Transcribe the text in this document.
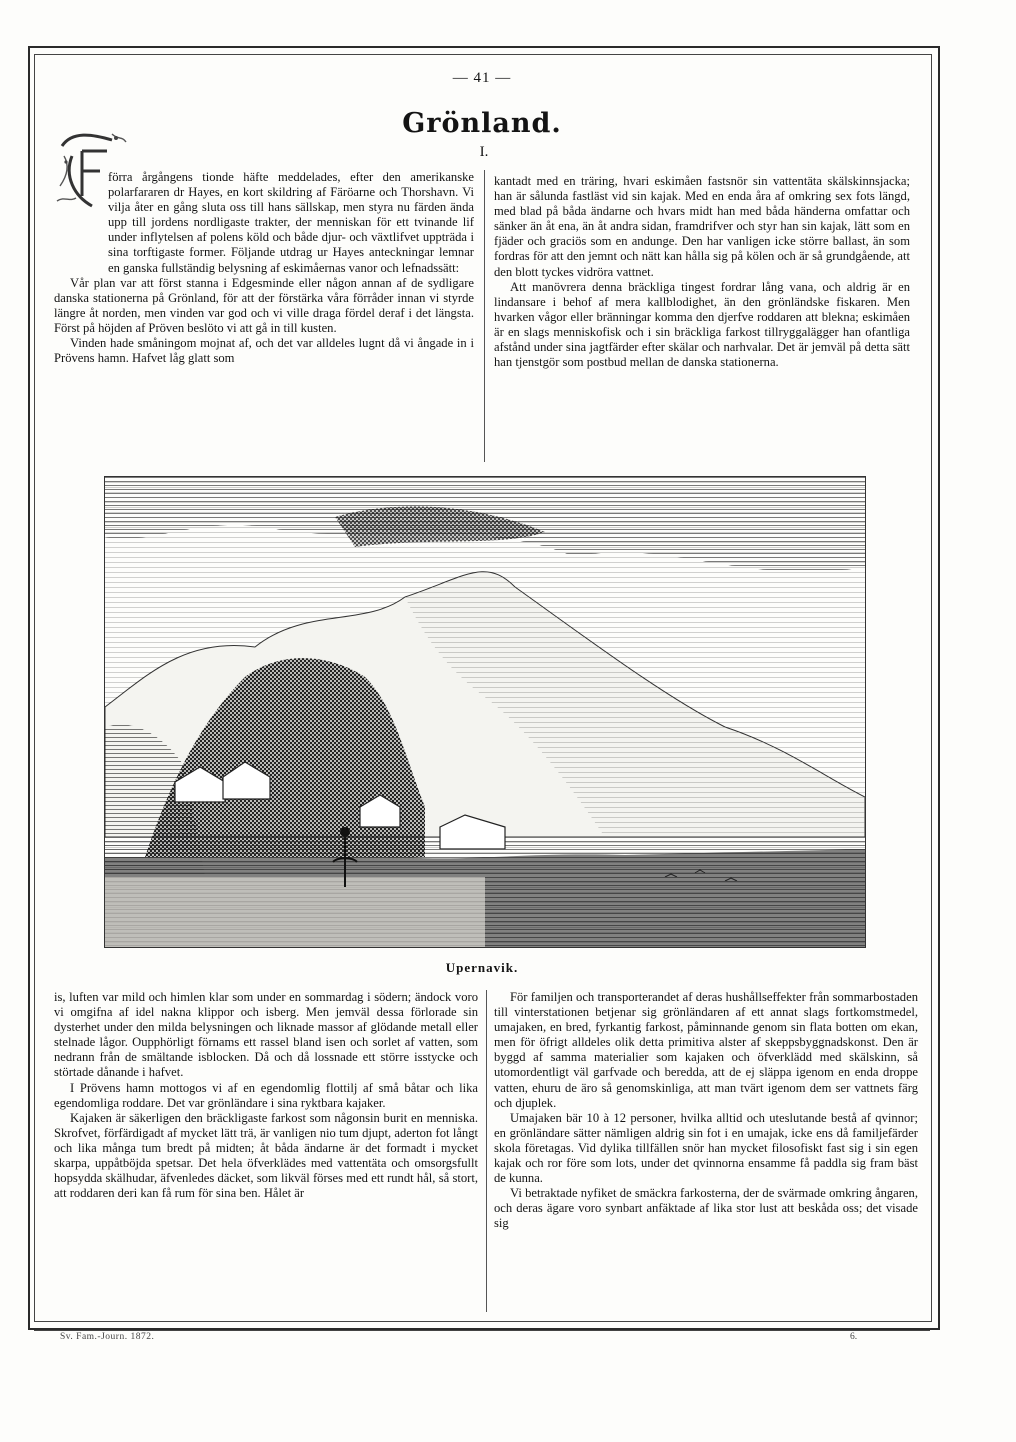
— 41 —
Grönland.
I.

förra årgångens tionde häfte meddelades, efter den amerikanske polarfararen dr Hayes, en kort skildring af Färöarne och Thorshavn. Vi vilja åter en gång sluta oss till hans sällskap, men styra nu färden ända upp till jordens nordligaste trakter, der menniskan för ett tvinande lif under inflytelsen af polens köld och både djur- och växtlifvet uppträda i sina torftigaste former. Följande utdrag ur Hayes anteckningar lemnar en ganska fullständig belysning af eskimåernas vanor och lefnadssätt:

Vår plan var att först stanna i Edgesminde eller någon annan af de sydligare danska stationerna på Grönland, för att der förstärka våra förråder innan vi styrde längre åt norden, men vinden var god och vi ville draga fördel deraf i det längsta. Först på höjden af Pröven beslöto vi att gå in till kusten.

Vinden hade småningom mojnat af, och det var alldeles lugnt då vi ångade in i Prövens hamn. Hafvet låg glatt som

kantadt med en träring, hvari eskimåen fastsnör sin vattentäta skälskinnsjacka; han är sålunda fastläst vid sin kajak. Med en enda åra af omkring sex fots längd, med blad på båda ändarne och hvars midt han med båda händerna omfattar och sänker än åt ena, än åt andra sidan, framdrifver och styr han sin kajak, lätt som en fjäder och graciös som en andunge. Den har vanligen icke större ballast, än som fordras för att den jemnt och nätt kan hålla sig på kölen och är så grundgående, att den blott tyckes vidröra vattnet.

Att manövrera denna bräckliga tingest fordrar lång vana, och aldrig är en lindansare i behof af mera kallblodighet, än den grönländske fiskaren. Men hvarken vågor eller bränningar komma den djerfve roddaren att blekna; eskimåen är en slags menniskofisk och i sin bräckliga farkost tillryggalägger han ofantliga afstånd under sina jagtfärder efter skälar och narhvalar. Det är jemväl på detta sätt han tjenstgör som postbud mellan de danska stationerna.

Upernavik.

is, luften var mild och himlen klar som under en sommardag i södern; ändock voro vi omgifna af idel nakna klippor och isberg. Men jemväl dessa förlorade sin dysterhet under den milda belysningen och liknade massor af glödande metall eller stelnade lågor. Oupphörligt förnams ett rassel bland isen och sorlet af vatten, som nedrann från de smältande isblocken. Då och då lossnade ett större isstycke och störtade dånande i hafvet.

I Prövens hamn mottogos vi af en egendomlig flottilj af små båtar och lika egendomliga roddare. Det var grönländare i sina ryktbara kajaker.

Kajaken är säkerligen den bräckligaste farkost som någonsin burit en menniska. Skrofvet, förfärdigadt af mycket lätt trä, är vanligen nio tum djupt, aderton fot långt och lika många tum bredt på midten; åt båda ändarne är det formadt i mycket skarpa, uppåtböjda spetsar. Det hela öfverklädes med vattentäta och omsorgsfullt hopsydda skälhudar, äfvenledes däcket, som likväl förses med ett rundt hål, så stort, att roddaren deri kan få rum för sina ben. Hålet är

För familjen och transporterandet af deras hushållseffekter från sommarbostaden till vinterstationen betjenar sig grönländaren af ett annat slags fortkomstmedel, umajaken, en bred, fyrkantig farkost, påminnande genom sin flata botten om ekan, men för öfrigt alldeles olik detta primitiva alster af skeppsbyggnadskonst. Den är byggd af samma materialier som kajaken och öfverklädd med skälskinn, så utomordentligt väl garfvade och beredda, att de ej släppa igenom en enda droppe vatten, ehuru de äro så genomskinliga, att man tvärt igenom dem ser vattnets färg och djuplek.

Umajaken bär 10 à 12 personer, hvilka alltid och uteslutande bestå af qvinnor; en grönländare sätter nämligen aldrig sin fot i en umajak, icke ens då familjefärder skola företagas. Vid dylika tillfällen snör han mycket filosofiskt fast sig i sin egen kajak och ror före som lots, under det qvinnorna ensamme få paddla sig fram bäst de kunna.

Vi betraktade nyfiket de smäckra farkosterna, der de svärmade omkring ångaren, och deras ägare voro synbart anfäktade af lika stor lust att beskåda oss; det visade sig

Sv. Fam.-Journ. 1872.	6.
